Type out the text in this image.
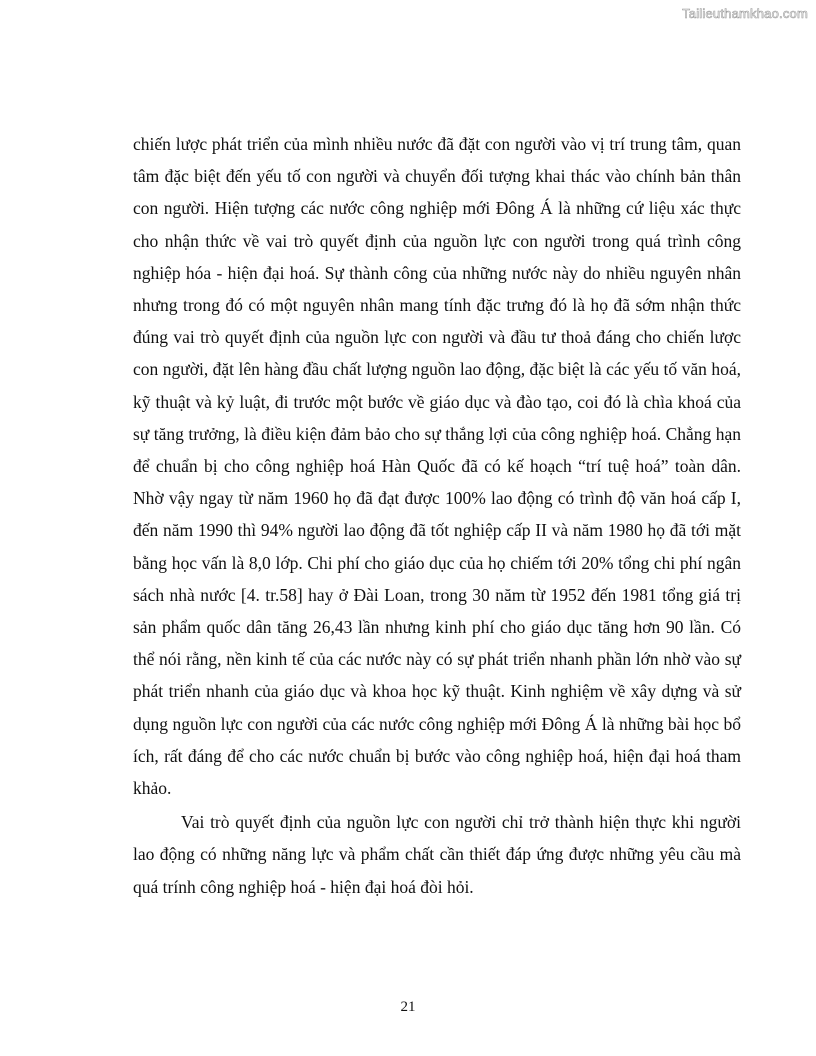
Tailieuthamkhao.com

chiến lược phát triển của mình nhiều nước đã đặt con người vào vị trí trung tâm, quan tâm đặc biệt đến yếu tố con người và chuyển đối tượng khai thác vào chính bản thân con người. Hiện tượng các nước công nghiệp mới Đông Á là những cứ liệu xác thực cho nhận thức về vai trò quyết định của nguồn lực con người trong quá trình công nghiệp hóa - hiện đại hoá. Sự thành công của những nước này do nhiều nguyên nhân nhưng trong đó có một nguyên nhân mang tính đặc trưng đó là họ đã sớm nhận thức đúng vai trò quyết định của nguồn lực con người và đầu tư thoả đáng cho chiến lược con người, đặt lên hàng đầu chất lượng nguồn lao động, đặc biệt là các yếu tố văn hoá, kỹ thuật và kỷ luật, đi trước một bước về giáo dục và đào tạo, coi đó là chìa khoá của sự tăng trưởng, là điều kiện đảm bảo cho sự thắng lợi của công nghiệp hoá. Chẳng hạn để chuẩn bị cho công nghiệp hoá Hàn Quốc đã có kế hoạch “trí tuệ hoá” toàn dân. Nhờ vậy ngay từ năm 1960 họ đã đạt được 100% lao động có trình độ văn hoá cấp I, đến năm 1990 thì 94% người lao động đã tốt nghiệp cấp II và năm 1980 họ đã tới mặt bằng học vấn là 8,0 lớp. Chi phí cho giáo dục của họ chiếm tới 20% tổng chi phí ngân sách nhà nước [4. tr.58] hay ở Đài Loan, trong 30 năm từ 1952 đến 1981 tổng giá trị sản phẩm quốc dân tăng 26,43 lần nhưng kinh phí cho giáo dục tăng hơn 90 lần. Có thể nói rằng, nền kinh tế của các nước này có sự phát triển nhanh phần lớn nhờ vào sự phát triển nhanh của giáo dục và khoa học kỹ thuật. Kinh nghiệm về xây dựng và sử dụng nguồn lực con người của các nước công nghiệp mới Đông Á là những bài học bổ ích, rất đáng để cho các nước chuẩn bị bước vào công nghiệp hoá, hiện đại hoá tham khảo.

Vai trò quyết định của nguồn lực con người chỉ trở thành hiện thực khi người lao động có những năng lực và phẩm chất cần thiết đáp ứng được những yêu cầu mà quá trính công nghiệp hoá - hiện đại hoá đòi hỏi.

21
